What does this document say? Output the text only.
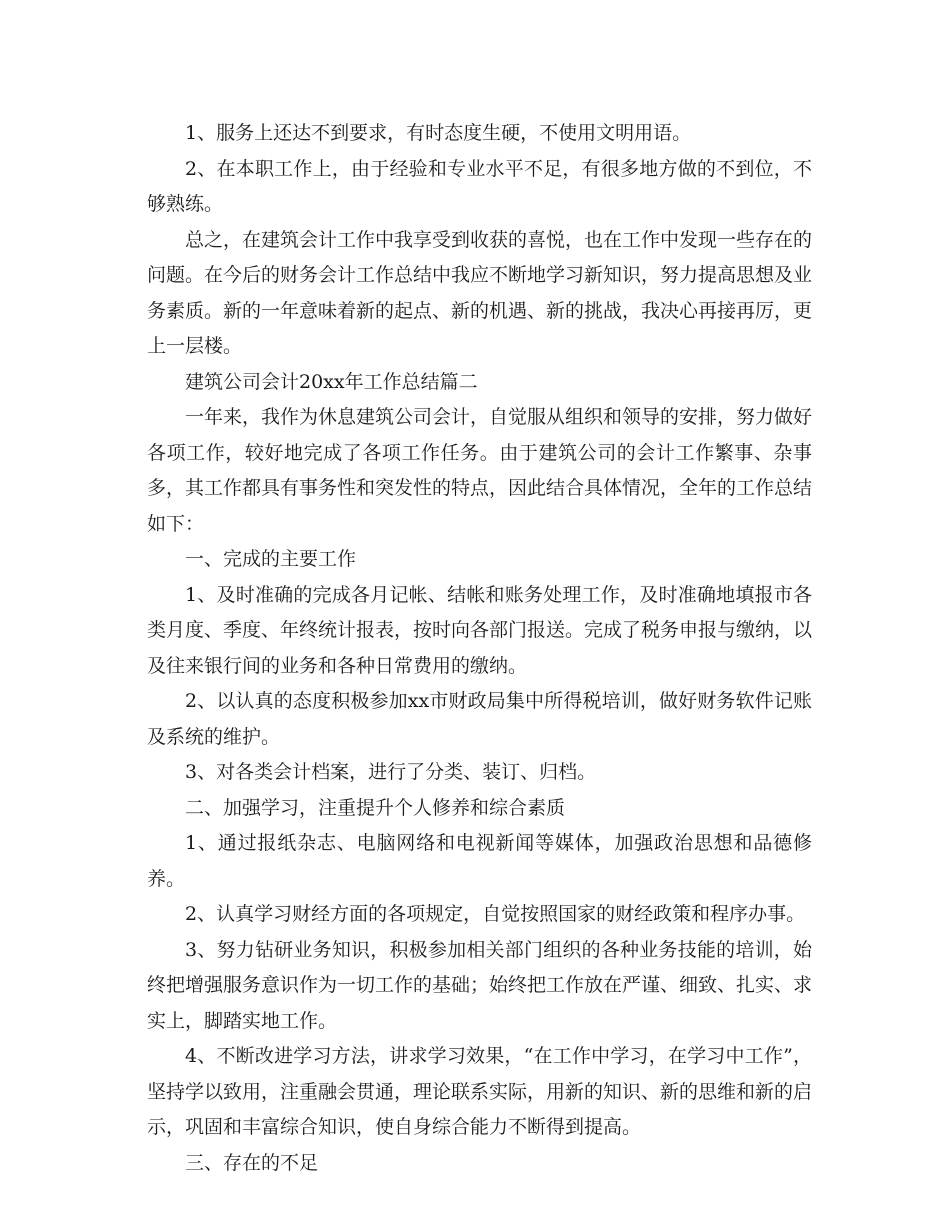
1、服务上还达不到要求，有时态度生硬，不使用文明用语。

2、在本职工作上，由于经验和专业水平不足，有很多地方做的不到位，不够熟练。

总之，在建筑会计工作中我享受到收获的喜悦，也在工作中发现一些存在的问题。在今后的财务会计工作总结中我应不断地学习新知识，努力提高思想及业务素质。新的一年意味着新的起点、新的机遇、新的挑战，我决心再接再厉，更上一层楼。

建筑公司会计20xx年工作总结篇二

一年来，我作为休息建筑公司会计，自觉服从组织和领导的安排，努力做好各项工作，较好地完成了各项工作任务。由于建筑公司的会计工作繁事、杂事多，其工作都具有事务性和突发性的特点，因此结合具体情况，全年的工作总结如下：

一、完成的主要工作

1、及时准确的完成各月记帐、结帐和账务处理工作，及时准确地填报市各类月度、季度、年终统计报表，按时向各部门报送。完成了税务申报与缴纳，以及往来银行间的业务和各种日常费用的缴纳。

2、以认真的态度积极参加xx市财政局集中所得税培训，做好财务软件记账及系统的维护。

3、对各类会计档案，进行了分类、装订、归档。

二、加强学习，注重提升个人修养和综合素质

1、通过报纸杂志、电脑网络和电视新闻等媒体，加强政治思想和品德修养。

2、认真学习财经方面的各项规定，自觉按照国家的财经政策和程序办事。

3、努力钻研业务知识，积极参加相关部门组织的各种业务技能的培训，始终把增强服务意识作为一切工作的基础；始终把工作放在严谨、细致、扎实、求实上，脚踏实地工作。

4、不断改进学习方法，讲求学习效果，“在工作中学习，在学习中工作”，坚持学以致用，注重融会贯通，理论联系实际，用新的知识、新的思维和新的启示，巩固和丰富综合知识，使自身综合能力不断得到提高。

三、存在的不足
